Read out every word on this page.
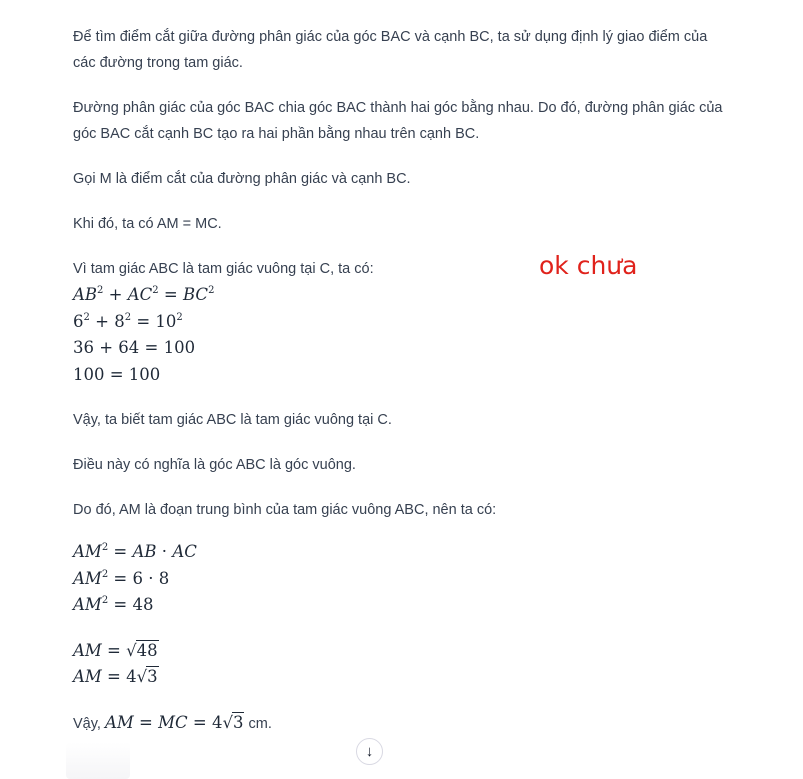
Để tìm điểm cắt giữa đường phân giác của góc BAC và cạnh BC, ta sử dụng định lý giao điểm của các đường trong tam giác.

Đường phân giác của góc BAC chia góc BAC thành hai góc bằng nhau. Do đó, đường phân giác của góc BAC cắt cạnh BC tạo ra hai phần bằng nhau trên cạnh BC.

Gọi M là điểm cắt của đường phân giác và cạnh BC.

Khi đó, ta có AM = MC.

Vì tam giác ABC là tam giác vuông tại C, ta có:

$AB^2 + AC^2 = BC^2$
$6^2 + 8^2 = 10^2$
36 + 64 = 100
100 = 100

Vậy, ta biết tam giác ABC là tam giác vuông tại C.

Điều này có nghĩa là góc ABC là góc vuông.

Do đó, AM là đoạn trung bình của tam giác vuông ABC, nên ta có:

$AM^2$ = AB · AC
$AM^2 = 6 \cdot 8$
$AM^2 = 48$
AM = √48
AM = 4√3

Vậy, AM = MC = 4√3 cm.

ok chưa
↓
